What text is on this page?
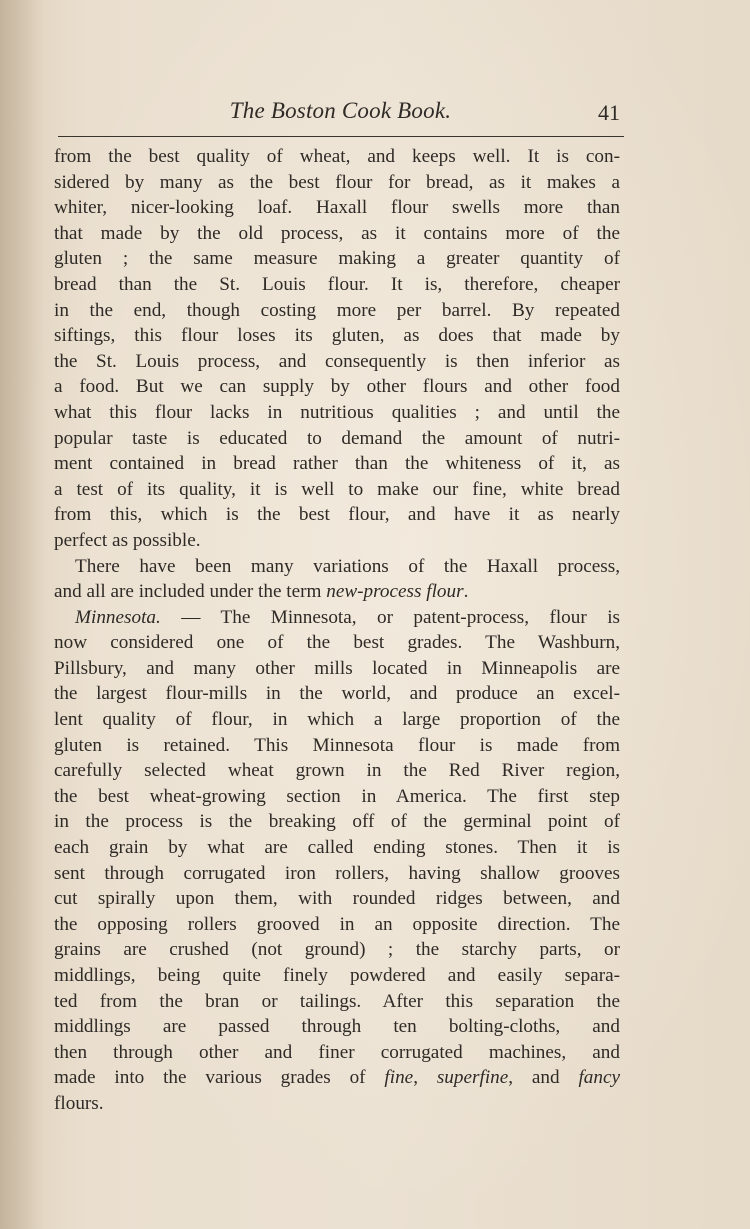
The Boston Cook Book.	41
from the best quality of wheat, and keeps well. It is con-
sidered by many as the best flour for bread, as it makes a
whiter, nicer-looking loaf. Haxall flour swells more than
that made by the old process, as it contains more of the
gluten ; the same measure making a greater quantity of
bread than the St. Louis flour. It is, therefore, cheaper
in the end, though costing more per barrel. By repeated
siftings, this flour loses its gluten, as does that made by
the St. Louis process, and consequently is then inferior as
a food. But we can supply by other flours and other food
what this flour lacks in nutritious qualities ; and until the
popular taste is educated to demand the amount of nutri-
ment contained in bread rather than the whiteness of it, as
a test of its quality, it is well to make our fine, white bread
from this, which is the best flour, and have it as nearly
perfect as possible.
There have been many variations of the Haxall process,
and all are included under the term new-process flour.
Minnesota. — The Minnesota, or patent-process, flour is
now considered one of the best grades. The Washburn,
Pillsbury, and many other mills located in Minneapolis are
the largest flour-mills in the world, and produce an excel-
lent quality of flour, in which a large proportion of the
gluten is retained. This Minnesota flour is made from
carefully selected wheat grown in the Red River region,
the best wheat-growing section in America. The first step
in the process is the breaking off of the germinal point of
each grain by what are called ending stones. Then it is
sent through corrugated iron rollers, having shallow grooves
cut spirally upon them, with rounded ridges between, and
the opposing rollers grooved in an opposite direction. The
grains are crushed (not ground) ; the starchy parts, or
middlings, being quite finely powdered and easily separa-
ted from the bran or tailings. After this separation the
middlings are passed through ten bolting-cloths, and
then through other and finer corrugated machines, and
made into the various grades of fine, superfine, and fancy
flours.
